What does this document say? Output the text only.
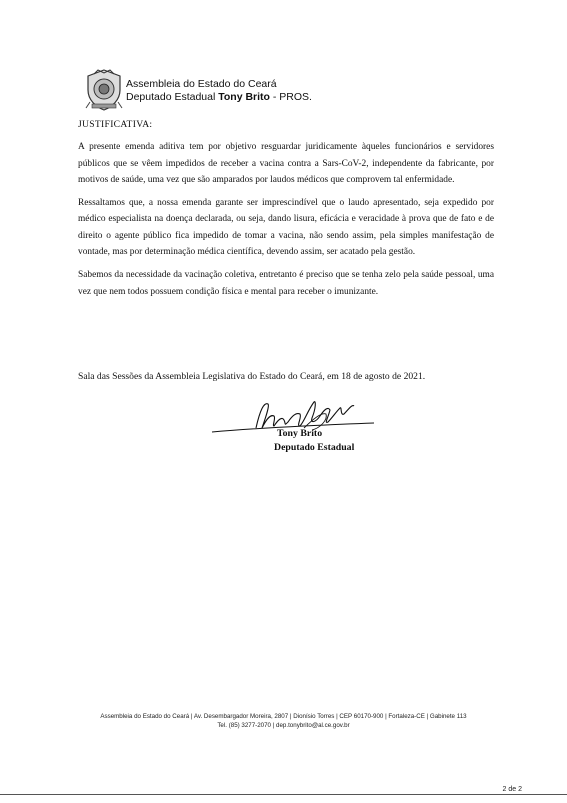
Assembleia do Estado do Ceará
Deputado Estadual Tony Brito - PROS.

JUSTIFICATIVA:

A presente emenda aditiva tem por objetivo resguardar juridicamente àqueles funcionários e servidores públicos que se vêem impedidos de receber a vacina contra a Sars-CoV-2, independente da fabricante, por motivos de saúde, uma vez que são amparados por laudos médicos que comprovem tal enfermidade.

Ressaltamos que, a nossa emenda garante ser imprescindível que o laudo apresentado, seja expedido por médico especialista na doença declarada, ou seja, dando lisura, eficácia e veracidade à prova que de fato e de direito o agente público fica impedido de tomar a vacina, não sendo assim, pela simples manifestação de vontade, mas por determinação médica científica, devendo assim, ser acatado pela gestão.

Sabemos da necessidade da vacinação coletiva, entretanto é preciso que se tenha zelo pela saúde pessoal, uma vez que nem todos possuem condição física e mental para receber o imunizante.

Sala das Sessões da Assembleia Legislativa do Estado do Ceará, em 18 de agosto de 2021.
Tony Brito
Deputado Estadual
Assembleia do Estado do Ceará | Av. Desembargador Moreira, 2807 | Dionísio Torres | CEP 60170-900 | Fortaleza-CE | Gabinete 113
Tel. (85) 3277-2070 | dep.tonybrito@al.ce.gov.br
2 de 2
